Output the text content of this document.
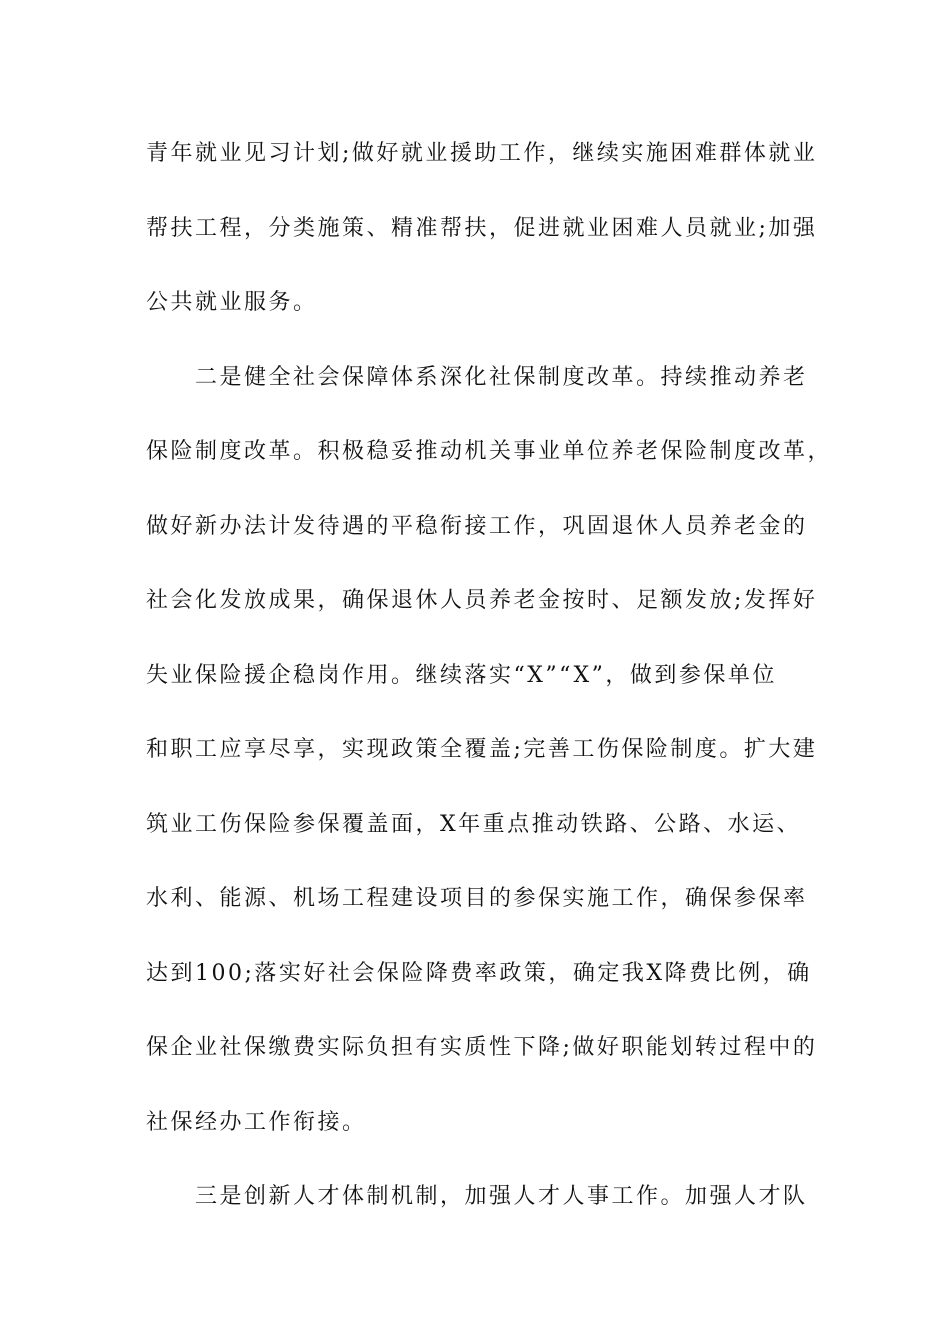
青年就业见习计划;做好就业援助工作，继续实施困难群体就业
帮扶工程，分类施策、精准帮扶，促进就业困难人员就业;加强
公共就业服务。
　　二是健全社会保障体系深化社保制度改革。持续推动养老
保险制度改革。积极稳妥推动机关事业单位养老保险制度改革，
做好新办法计发待遇的平稳衔接工作，巩固退休人员养老金的
社会化发放成果，确保退休人员养老金按时、足额发放;发挥好
失业保险援企稳岗作用。继续落实“X”“X”，做到参保单位
和职工应享尽享，实现政策全覆盖;完善工伤保险制度。扩大建
筑业工伤保险参保覆盖面，X年重点推动铁路、公路、水运、
水利、能源、机场工程建设项目的参保实施工作，确保参保率
达到100;落实好社会保险降费率政策，确定我X降费比例，确
保企业社保缴费实际负担有实质性下降;做好职能划转过程中的
社保经办工作衔接。
　　三是创新人才体制机制，加强人才人事工作。加强人才队
